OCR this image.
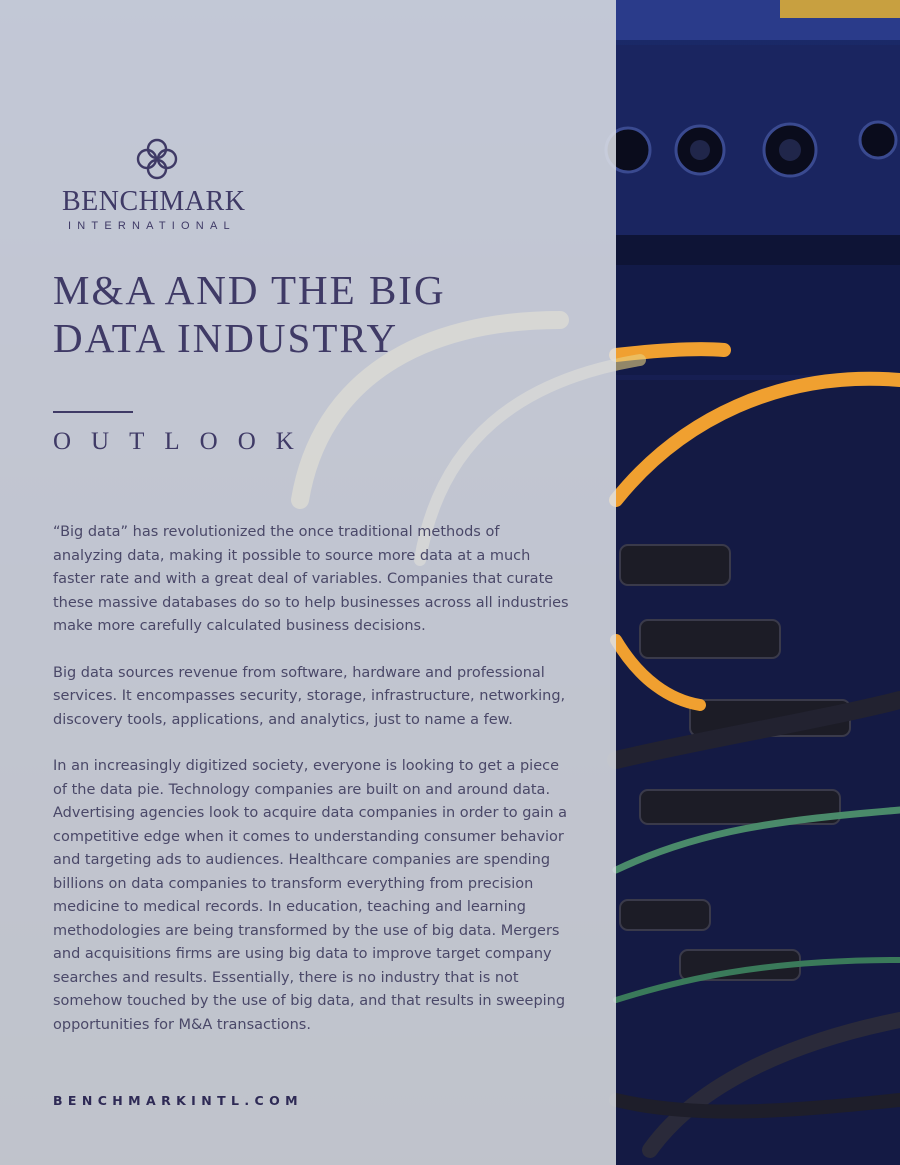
BENCHMARK
INTERNATIONAL
M&A AND THE BIG
DATA INDUSTRY
OUTLOOK

“Big data” has revolutionized the once traditional methods of analyzing data, making it possible to source more data at a much faster rate and with a great deal of variables. Companies that curate these massive databases do so to help businesses across all industries make more carefully calculated business decisions.

Big data sources revenue from software, hardware and professional services. It encompasses security, storage, infrastructure, networking, discovery tools, applications, and analytics, just to name a few.

In an increasingly digitized society, everyone is looking to get a piece of the data pie. Technology companies are built on and around data. Advertising agencies look to acquire data companies in order to gain a competitive edge when it comes to understanding consumer behavior and targeting ads to audiences. Healthcare companies are spending billions on data companies to transform everything from precision medicine to medical records. In education, teaching and learning methodologies are being transformed by the use of big data. Mergers and acquisitions firms are using big data to improve target company searches and results. Essentially, there is no industry that is not somehow touched by the use of big data, and that results in sweeping opportunities for M&A transactions.

BENCHMARKINTL.COM
